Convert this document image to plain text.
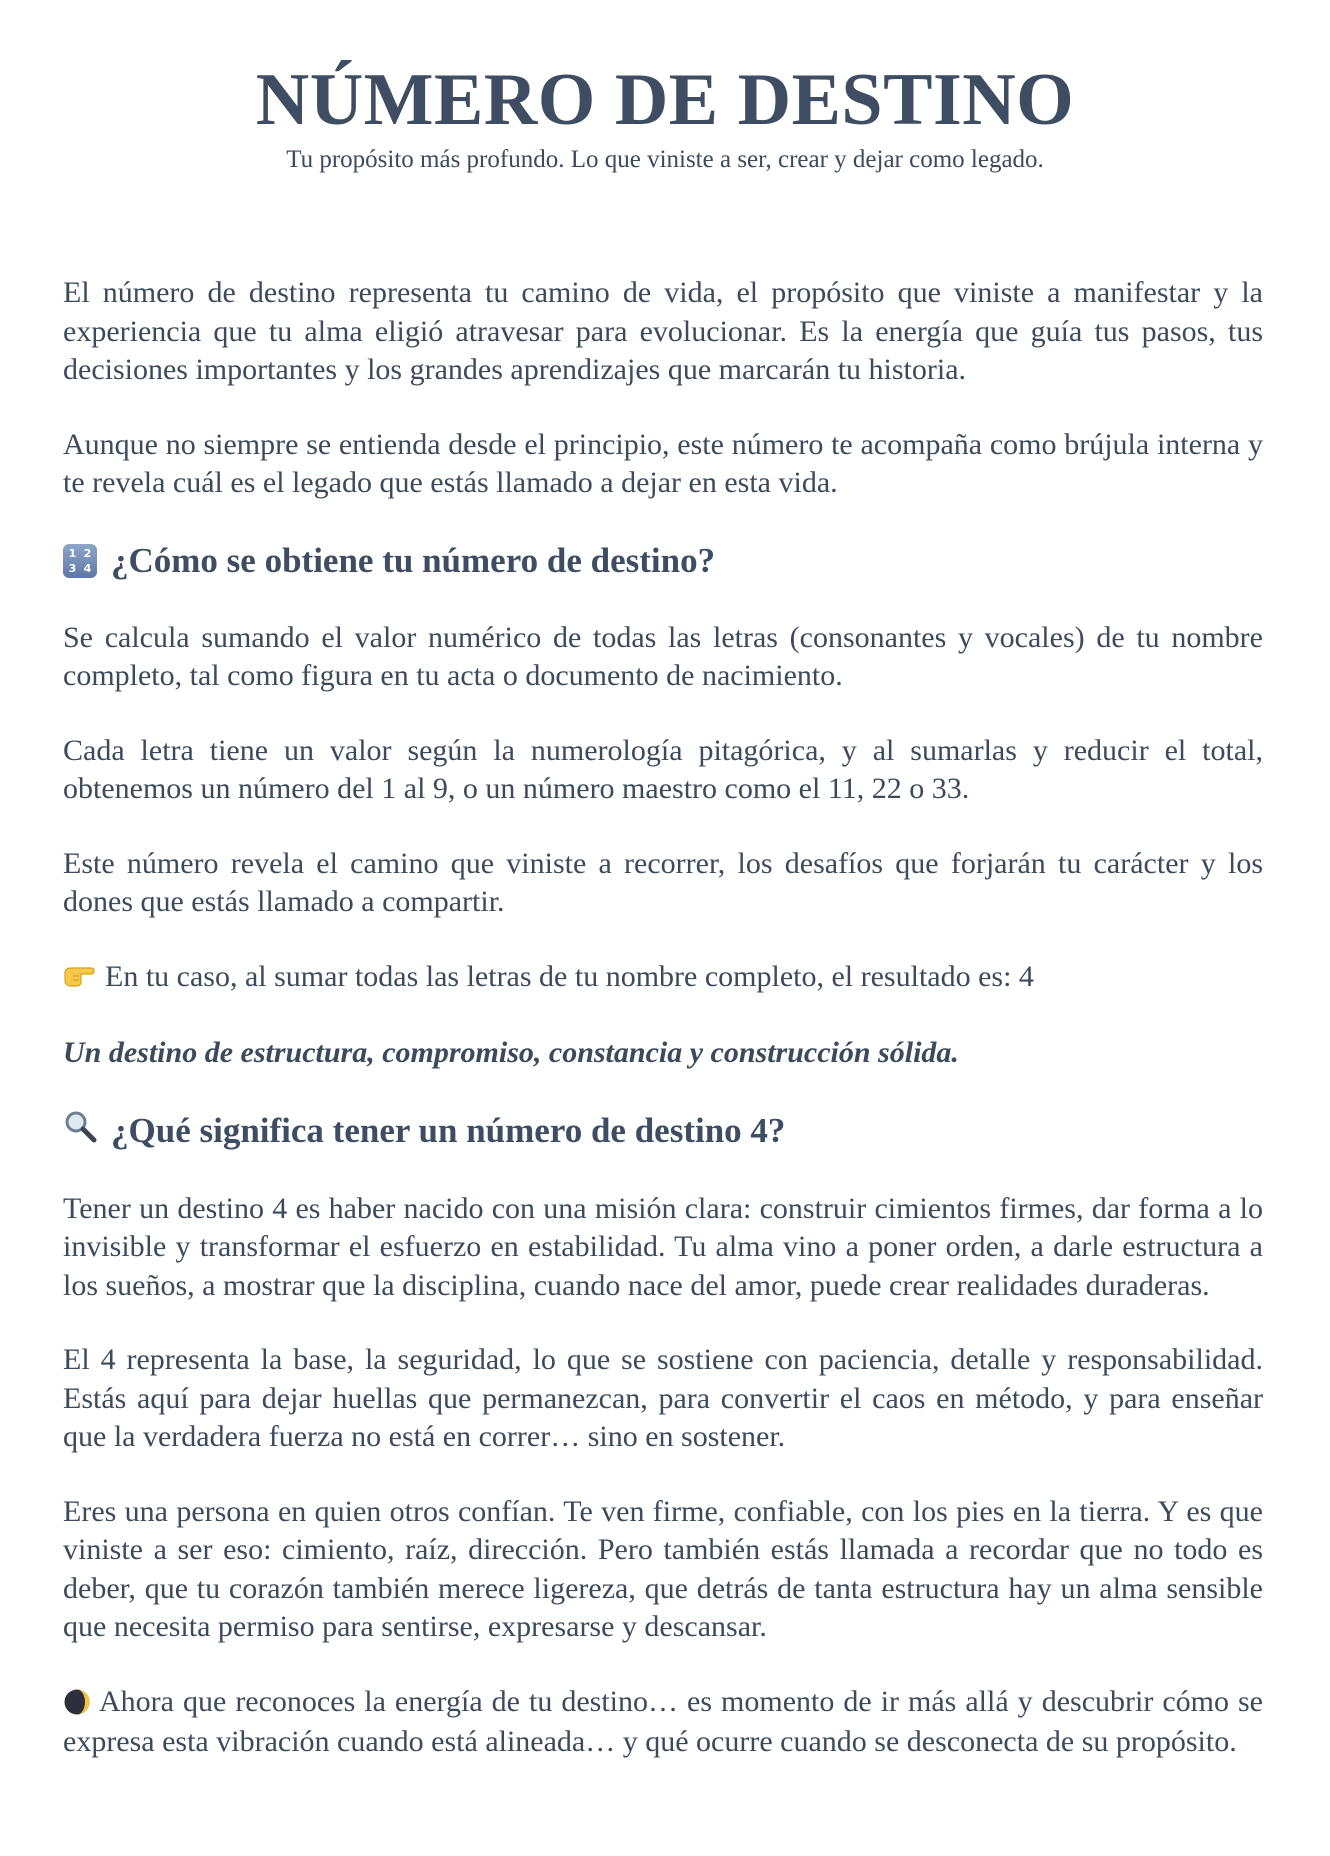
NÚMERO DE DESTINO
Tu propósito más profundo. Lo que viniste a ser, crear y dejar como legado.

El número de destino representa tu camino de vida, el propósito que viniste a manifestar y la experiencia que tu alma eligió atravesar para evolucionar. Es la energía que guía tus pasos, tus decisiones importantes y los grandes aprendizajes que marcarán tu historia.

Aunque no siempre se entienda desde el principio, este número te acompaña como brújula interna y te revela cuál es el legado que estás llamado a dejar en esta vida.

1 2
3 4 ¿Cómo se obtiene tu número de destino?

Se calcula sumando el valor numérico de todas las letras (consonantes y vocales) de tu nombre completo, tal como figura en tu acta o documento de nacimiento.

Cada letra tiene un valor según la numerología pitagórica, y al sumarlas y reducir el total, obtenemos un número del 1 al 9, o un número maestro como el 11, 22 o 33.

Este número revela el camino que viniste a recorrer, los desafíos que forjarán tu carácter y los dones que estás llamado a compartir.

En tu caso, al sumar todas las letras de tu nombre completo, el resultado es: 4

Un destino de estructura, compromiso, constancia y construcción sólida.

¿Qué significa tener un número de destino 4?

Tener un destino 4 es haber nacido con una misión clara: construir cimientos firmes, dar forma a lo invisible y transformar el esfuerzo en estabilidad. Tu alma vino a poner orden, a darle estructura a los sueños, a mostrar que la disciplina, cuando nace del amor, puede crear realidades duraderas.

El 4 representa la base, la seguridad, lo que se sostiene con paciencia, detalle y responsabilidad. Estás aquí para dejar huellas que permanezcan, para convertir el caos en método, y para enseñar que la verdadera fuerza no está en correr… sino en sostener.

Eres una persona en quien otros confían. Te ven firme, confiable, con los pies en la tierra. Y es que viniste a ser eso: cimiento, raíz, dirección. Pero también estás llamada a recordar que no todo es deber, que tu corazón también merece ligereza, que detrás de tanta estructura hay un alma sensible que necesita permiso para sentirse, expresarse y descansar.

Ahora que reconoces la energía de tu destino… es momento de ir más allá y descubrir cómo se expresa esta vibración cuando está alineada… y qué ocurre cuando se desconecta de su propósito.
